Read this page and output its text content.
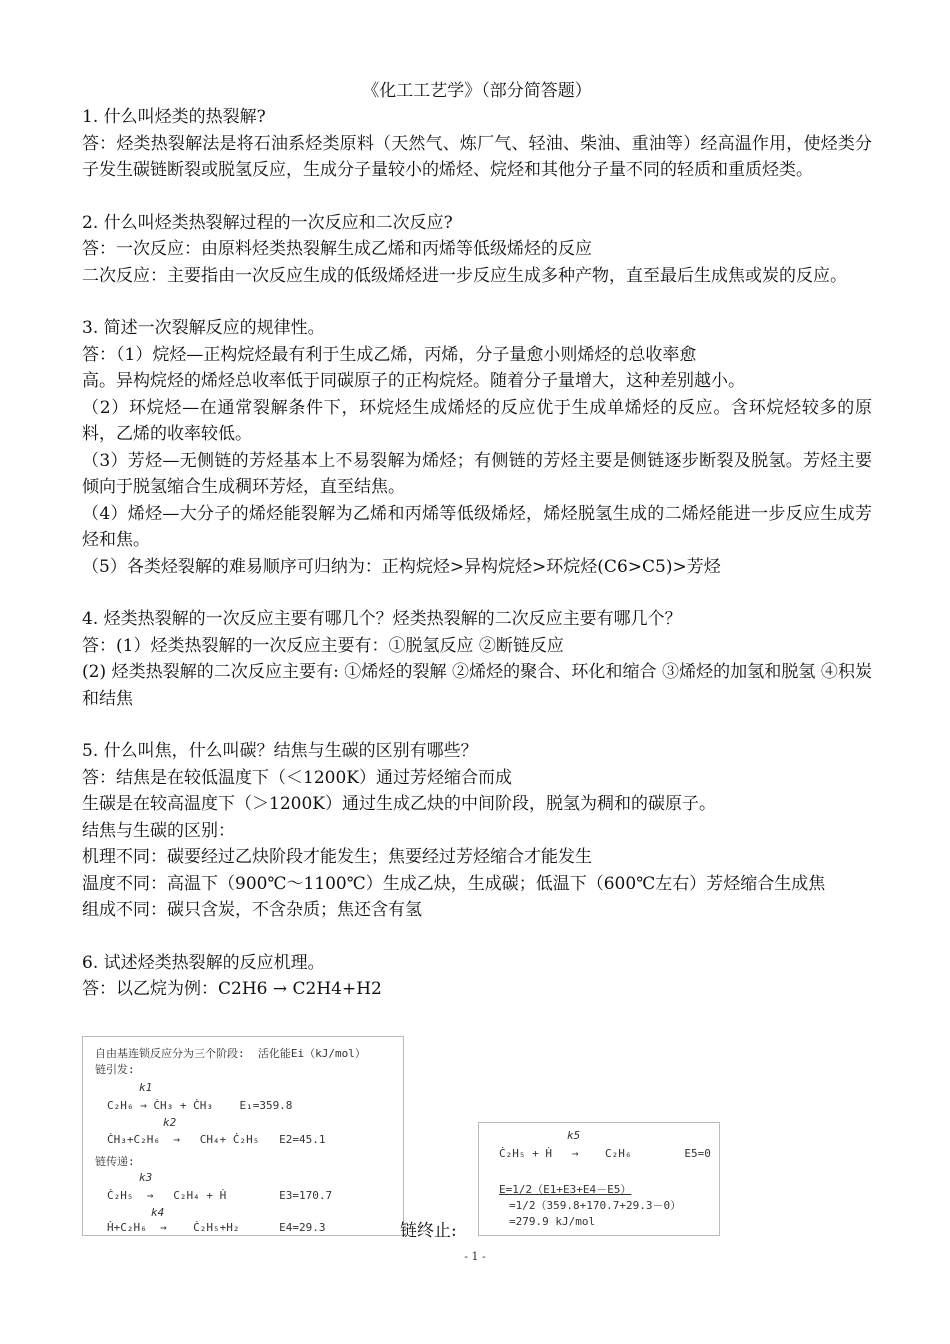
《化工工艺学》（部分简答题）

1. 什么叫烃类的热裂解?

答：烃类热裂解法是将石油系烃类原料（天然气、炼厂气、轻油、柴油、重油等）经高温作用，使烃类分子发生碳链断裂或脱氢反应，生成分子量较小的烯烃、烷烃和其他分子量不同的轻质和重质烃类。

2. 什么叫烃类热裂解过程的一次反应和二次反应?

答：一次反应：由原料烃类热裂解生成乙烯和丙烯等低级烯烃的反应

二次反应：主要指由一次反应生成的低级烯烃进一步反应生成多种产物，直至最后生成焦或炭的反应。

3. 简述一次裂解反应的规律性。

答：（1）烷烃—正构烷烃最有利于生成乙烯，丙烯，分子量愈小则烯烃的总收率愈

高。异构烷烃的烯烃总收率低于同碳原子的正构烷烃。随着分子量增大，这种差别越小。

（2）环烷烃—在通常裂解条件下，环烷烃生成烯烃的反应优于生成单烯烃的反应。含环烷烃较多的原料，乙烯的收率较低。

（3）芳烃—无侧链的芳烃基本上不易裂解为烯烃；有侧链的芳烃主要是侧链逐步断裂及脱氢。芳烃主要倾向于脱氢缩合生成稠环芳烃，直至结焦。

（4）烯烃—大分子的烯烃能裂解为乙烯和丙烯等低级烯烃，烯烃脱氢生成的二烯烃能进一步反应生成芳烃和焦。

（5）各类烃裂解的难易顺序可归纳为：正构烷烃>异构烷烃>环烷烃(C6>C5)>芳烃

4. 烃类热裂解的一次反应主要有哪几个？烃类热裂解的二次反应主要有哪几个？

答：(1）烃类热裂解的一次反应主要有：①脱氢反应 ②断链反应

(2) 烃类热裂解的二次反应主要有: ①烯烃的裂解 ②烯烃的聚合、环化和缩合 ③烯烃的加氢和脱氢 ④积炭和结焦

5. 什么叫焦，什么叫碳？结焦与生碳的区别有哪些？

答：结焦是在较低温度下（＜1200K）通过芳烃缩合而成

生碳是在较高温度下（＞1200K）通过生成乙炔的中间阶段，脱氢为稠和的碳原子。

结焦与生碳的区别：

机理不同：碳要经过乙炔阶段才能发生；焦要经过芳烃缩合才能发生

温度不同：高温下（900℃～1100℃）生成乙炔，生成碳；低温下（600℃左右）芳烃缩合生成焦

组成不同：碳只含炭，不含杂质；焦还含有氢

6. 试述烃类热裂解的反应机理。

答：以乙烷为例：C2H6 → C2H4+H2

自由基连锁反应分为三个阶段:  活化能Ei（kJ/mol）
链引发:
k1
C₂H₆ → ĊH₃ + ĊH₃    E₁=359.8
k2
ĊH₃+C₂H₆  →   CH₄+ Ċ₂H₅   E2=45.1
链传递:
k3
Ċ₂H₅  →   C₂H₄ + Ḣ        E3=170.7
k4
Ḣ+C₂H₆  →    Ċ₂H₅+H₂      E4=29.3	链终止:
k5
Ċ₂H₅ + Ḣ   →    C₂H₆        E5=0
E=1/2（E1+E3+E4－E5）
=1/2（359.8+170.7+29.3－0）
=279.9 kJ/mol
- 1 -
